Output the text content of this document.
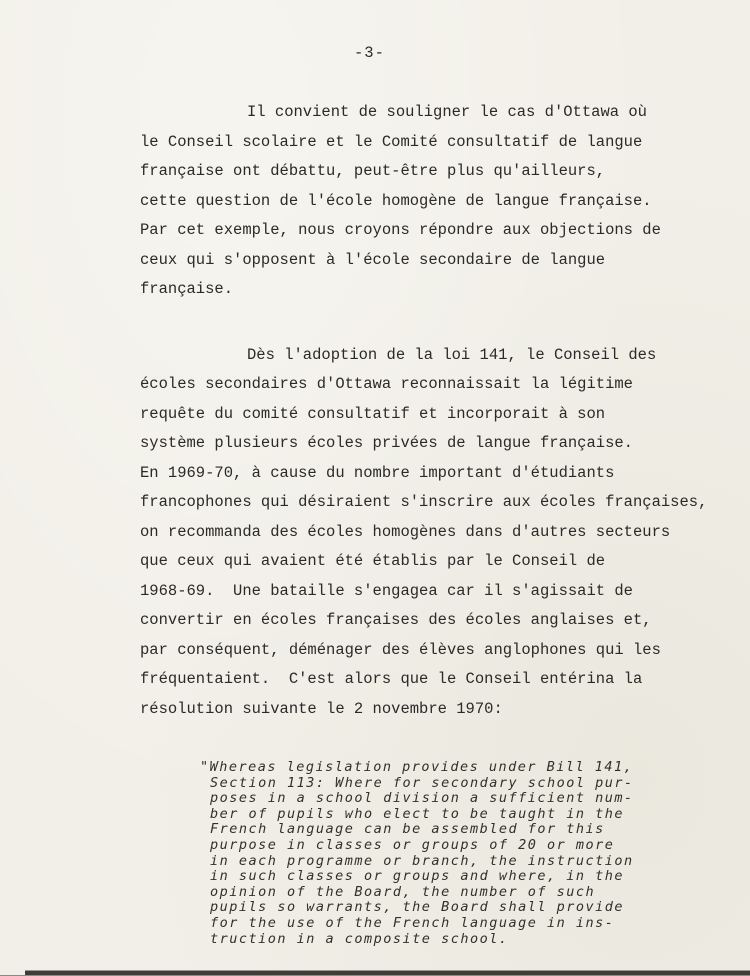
-3-
Il convient de souligner le cas d'Ottawa où
le Conseil scolaire et le Comité consultatif de langue
française ont débattu, peut-être plus qu'ailleurs,
cette question de l'école homogène de langue française.
Par cet exemple, nous croyons répondre aux objections de
ceux qui s'opposent à l'école secondaire de langue
française.
Dès l'adoption de la loi 141, le Conseil des
écoles secondaires d'Ottawa reconnaissait la légitime
requête du comité consultatif et incorporait à son
système plusieurs écoles privées de langue française.
En 1969-70, à cause du nombre important d'étudiants
francophones qui désiraient s'inscrire aux écoles françaises,
on recommanda des écoles homogènes dans d'autres secteurs
que ceux qui avaient été établis par le Conseil de
1968-69.  Une bataille s'engagea car il s'agissait de
convertir en écoles françaises des écoles anglaises et,
par conséquent, déménager des élèves anglophones qui les
fréquentaient.  C'est alors que le Conseil entérina la
résolution suivante le 2 novembre 1970:
"Whereas legislation provides under Bill 141,
Section 113: Where for secondary school pur-
poses in a school division a sufficient num-
ber of pupils who elect to be taught in the
French language can be assembled for this
purpose in classes or groups of 20 or more
in each programme or branch, the instruction
in such classes or groups and where, in the
opinion of the Board, the number of such
pupils so warrants, the Board shall provide
for the use of the French language in ins-
truction in a composite school.
